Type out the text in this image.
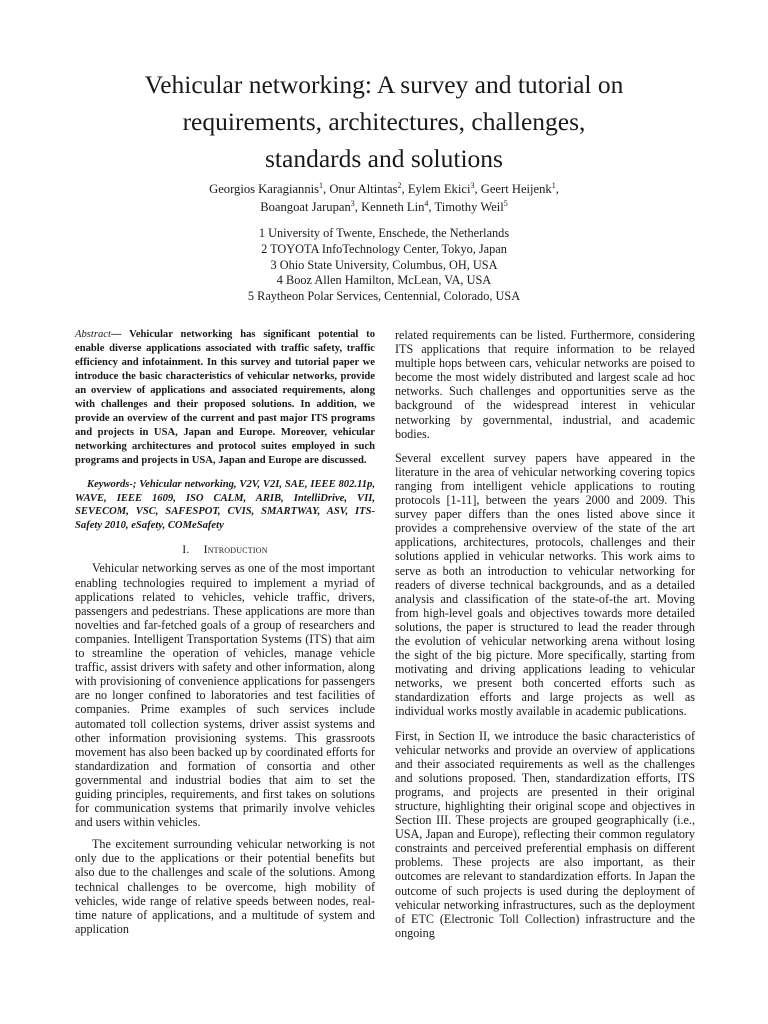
Vehicular networking: A survey and tutorial on
requirements, architectures, challenges,
standards and solutions
Georgios Karagiannis$^1$, Onur Altintas$^2$, Eylem Ekici$^3$, Geert Heijenk$^1$,
Boangoat Jarupan$^3$, Kenneth Lin$^4$, Timothy Weil$^5$
1 University of Twente, Enschede, the Netherlands
2 TOYOTA InfoTechnology Center, Tokyo, Japan
3 Ohio State University, Columbus, OH, USA
4 Booz Allen Hamilton, McLean, VA, USA
5 Raytheon Polar Services, Centennial, Colorado, USA

Abstract— Vehicular networking has significant potential to enable diverse applications associated with traffic safety, traffic efficiency and infotainment. In this survey and tutorial paper we introduce the basic characteristics of vehicular networks, provide an overview of applications and associated requirements, along with challenges and their proposed solutions. In addition, we provide an overview of the current and past major ITS programs and projects in USA, Japan and Europe. Moreover, vehicular networking architectures and protocol suites employed in such programs and projects in USA, Japan and Europe are discussed.

Keywords-; Vehicular networking, V2V, V2I, SAE, IEEE 802.11p, WAVE, IEEE 1609, ISO CALM, ARIB, IntelliDrive, VII, SEVECOM, VSC, SAFESPOT, CVIS, SMARTWAY, ASV, ITS-Safety 2010, eSafety, COMeSafety

I. Introduction

Vehicular networking serves as one of the most important enabling technologies required to implement a myriad of applications related to vehicles, vehicle traffic, drivers, passengers and pedestrians. These applications are more than novelties and far-fetched goals of a group of researchers and companies. Intelligent Transportation Systems (ITS) that aim to streamline the operation of vehicles, manage vehicle traffic, assist drivers with safety and other information, along with provisioning of convenience applications for passengers are no longer confined to laboratories and test facilities of companies. Prime examples of such services include automated toll collection systems, driver assist systems and other information provisioning systems. This grassroots movement has also been backed up by coordinated efforts for standardization and formation of consortia and other governmental and industrial bodies that aim to set the guiding principles, requirements, and first takes on solutions for communication systems that primarily involve vehicles and users within vehicles.

The excitement surrounding vehicular networking is not only due to the applications or their potential benefits but also due to the challenges and scale of the solutions. Among technical challenges to be overcome, high mobility of vehicles, wide range of relative speeds between nodes, real-time nature of applications, and a multitude of system and application

related requirements can be listed. Furthermore, considering ITS applications that require information to be relayed multiple hops between cars, vehicular networks are poised to become the most widely distributed and largest scale ad hoc networks. Such challenges and opportunities serve as the background of the widespread interest in vehicular networking by governmental, industrial, and academic bodies.

Several excellent survey papers have appeared in the literature in the area of vehicular networking covering topics ranging from intelligent vehicle applications to routing protocols [1-11], between the years 2000 and 2009. This survey paper differs than the ones listed above since it provides a comprehensive overview of the state of the art applications, architectures, protocols, challenges and their solutions applied in vehicular networks. This work aims to serve as both an introduction to vehicular networking for readers of diverse technical backgrounds, and as a detailed analysis and classification of the state-of-the art. Moving from high-level goals and objectives towards more detailed solutions, the paper is structured to lead the reader through the evolution of vehicular networking arena without losing the sight of the big picture. More specifically, starting from motivating and driving applications leading to vehicular networks, we present both concerted efforts such as standardization efforts and large projects as well as individual works mostly available in academic publications.

First, in Section II, we introduce the basic characteristics of vehicular networks and provide an overview of applications and their associated requirements as well as the challenges and solutions proposed. Then, standardization efforts, ITS programs, and projects are presented in their original structure, highlighting their original scope and objectives in Section III. These projects are grouped geographically (i.e., USA, Japan and Europe), reflecting their common regulatory constraints and perceived preferential emphasis on different problems. These projects are also important, as their outcomes are relevant to standardization efforts. In Japan the outcome of such projects is used during the deployment of vehicular networking infrastructures, such as the deployment of ETC (Electronic Toll Collection) infrastructure and the ongoing
